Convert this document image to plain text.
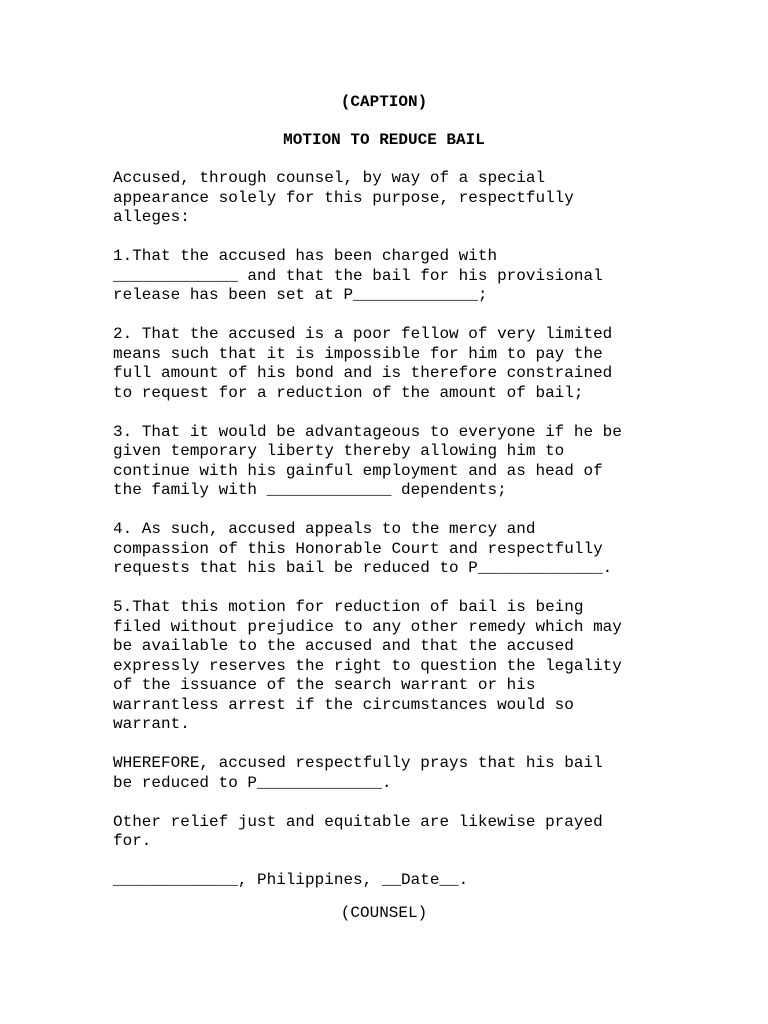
(CAPTION)
MOTION TO REDUCE BAIL
Accused, through counsel, by way of a special
appearance solely for this purpose, respectfully
alleges:
1.That the accused has been charged with
_____________ and that the bail for his provisional
release has been set at P_____________;
2. That the accused is a poor fellow of very limited
means such that it is impossible for him to pay the
full amount of his bond and is therefore constrained
to request for a reduction of the amount of bail;
3. That it would be advantageous to everyone if he be
given temporary liberty thereby allowing him to
continue with his gainful employment and as head of
the family with _____________ dependents;
4. As such, accused appeals to the mercy and
compassion of this Honorable Court and respectfully
requests that his bail be reduced to P_____________.
5.That this motion for reduction of bail is being
filed without prejudice to any other remedy which may
be available to the accused and that the accused
expressly reserves the right to question the legality
of the issuance of the search warrant or his
warrantless arrest if the circumstances would so
warrant.
WHEREFORE, accused respectfully prays that his bail
be reduced to P_____________.
Other relief just and equitable are likewise prayed
for.
_____________, Philippines, __Date__.
(COUNSEL)
